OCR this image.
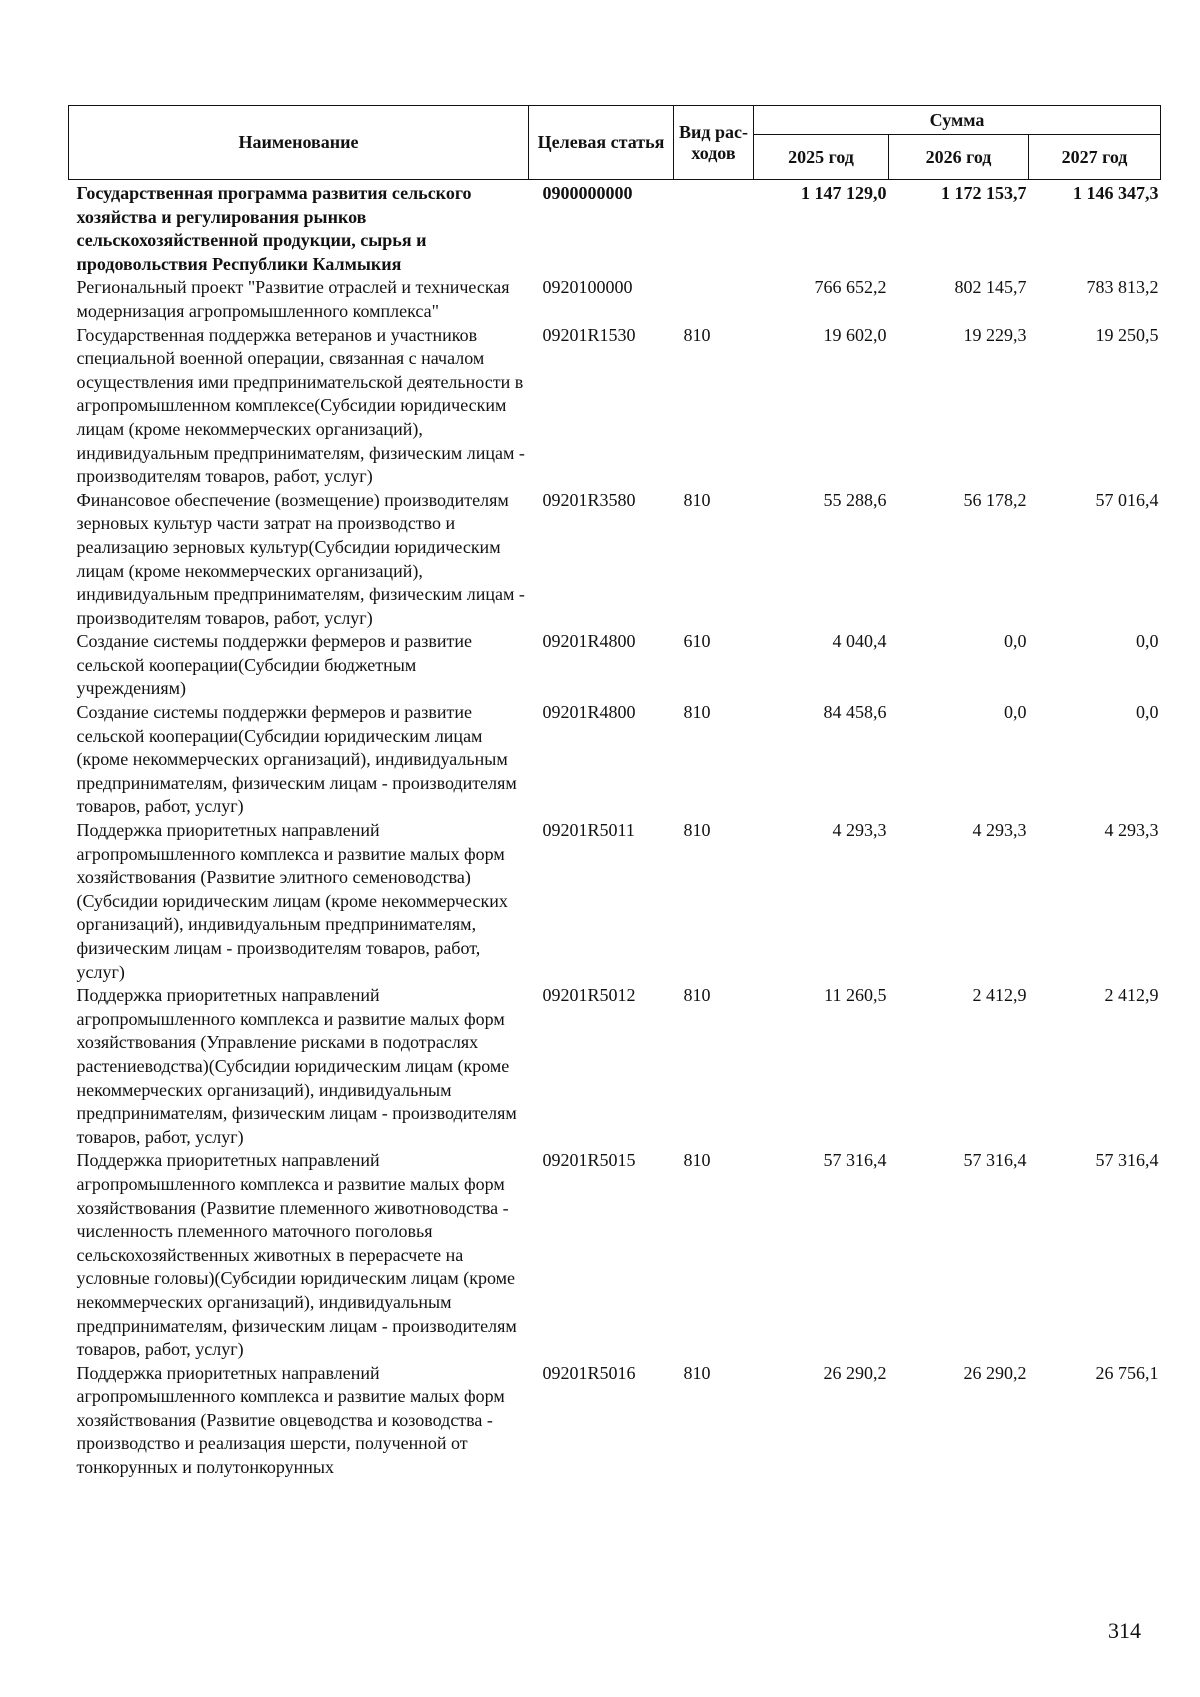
Наименование	Целевая статья	Вид рас-ходов	Сумма		
			2025 год	2026 год	2027 год
Государственная программа развития сельского хозяйства и регулирования рынков сельскохозяйственной продукции, сырья и продовольствия Республики Калмыкия	0900000000		1 147 129,0	1 172 153,7	1 146 347,3
Региональный проект "Развитие отраслей и техническая модернизация агропромышленного комплекса"	0920100000		766 652,2	802 145,7	783 813,2
Государственная поддержка ветеранов и участников специальной военной операции, связанная с началом осуществления ими предпринимательской деятельности в агропромышленном комплексе(Субсидии юридическим лицам (кроме некоммерческих организаций), индивидуальным предпринимателям, физическим лицам - производителям товаров, работ, услуг)	09201R1530	810	19 602,0	19 229,3	19 250,5
Финансовое обеспечение (возмещение) производителям зерновых культур части затрат на производство и реализацию зерновых культур(Субсидии юридическим лицам (кроме некоммерческих организаций), индивидуальным предпринимателям, физическим лицам - производителям товаров, работ, услуг)	09201R3580	810	55 288,6	56 178,2	57 016,4
Создание системы поддержки фермеров и развитие сельской кооперации(Субсидии бюджетным учреждениям)	09201R4800	610	4 040,4	0,0	0,0
Создание системы поддержки фермеров и развитие сельской кооперации(Субсидии юридическим лицам (кроме некоммерческих организаций), индивидуальным предпринимателям, физическим лицам - производителям товаров, работ, услуг)	09201R4800	810	84 458,6	0,0	0,0
Поддержка приоритетных направлений агропромышленного комплекса и развитие малых форм хозяйствования (Развитие элитного семеноводства)(Субсидии юридическим лицам (кроме некоммерческих организаций), индивидуальным предпринимателям, физическим лицам - производителям товаров, работ, услуг)	09201R5011	810	4 293,3	4 293,3	4 293,3
Поддержка приоритетных направлений агропромышленного комплекса и развитие малых форм хозяйствования (Управление рисками в подотраслях растениеводства)(Субсидии юридическим лицам (кроме некоммерческих организаций), индивидуальным предпринимателям, физическим лицам - производителям товаров, работ, услуг)	09201R5012	810	11 260,5	2 412,9	2 412,9
Поддержка приоритетных направлений агропромышленного комплекса и развитие малых форм хозяйствования (Развитие племенного животноводства - численность племенного маточного поголовья сельскохозяйственных животных в перерасчете на условные головы)(Субсидии юридическим лицам (кроме некоммерческих организаций), индивидуальным предпринимателям, физическим лицам - производителям товаров, работ, услуг)	09201R5015	810	57 316,4	57 316,4	57 316,4
Поддержка приоритетных направлений агропромышленного комплекса и развитие малых форм хозяйствования (Развитие овцеводства и козоводства - производство и реализация шерсти, полученной от тонкорунных и полутонкорунных	09201R5016	810	26 290,2	26 290,2	26 756,1
314
